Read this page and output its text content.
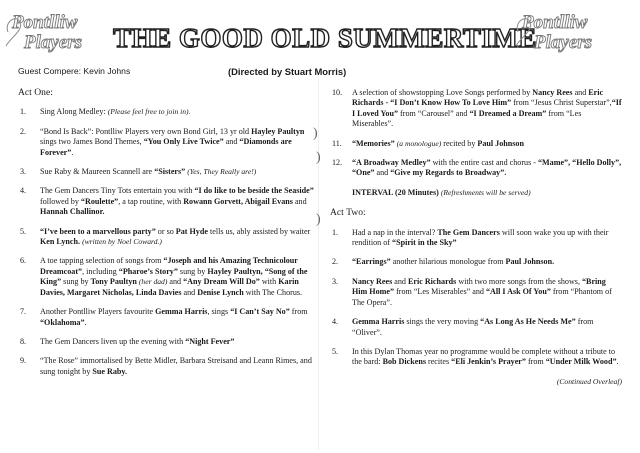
Pontlliw
Players THE GOOD OLD SUMMERTIME
Pontlliw
Players
Guest Compere: Kevin Johns	(Directed by Stuart Morris)
)
)
)
Act One:
1.	Sing Along Medley: (Please feel free to join in).
2.	“Bond Is Back”: Pontlliw Players very own Bond Girl, 13 yr old Hayley Paultyn sings two James Bond Themes, “You Only Live Twice” and “Diamonds are Forever”.
3.	Sue Raby & Maureen Scannell are “Sisters” (Yes, They Really are!)
4.	The Gem Dancers Tiny Tots entertain you with “I do like to be beside the Seaside” followed by “Roulette”, a tap routine, with Rowann Gorvett, Abigail Evans and Hannah Challinor.
5.	“I’ve been to a marvellous party” or so Pat Hyde tells us, ably assisted by waiter Ken Lynch. (written by Noel Coward.)
6.	A toe tapping selection of songs from “Joseph and his Amazing Technicolour Dreamcoat”, including “Pharoe’s Story” sung by Hayley Paultyn, “Song of the King” sung by Tony Paultyn (her dad) and “Any Dream Will Do” with Karin Davies, Margaret Nicholas, Linda Davies and Denise Lynch with The Chorus.
7.	Another Pontlliw Players favourite Gemma Harris, sings “I Can’t Say No” from “Oklahoma”.
8.	The Gem Dancers liven up the evening with “Night Fever”
9.	“The Rose” immortalised by Bette Midler, Barbara Streisand and Leann Rimes, and sung tonight by Sue Raby.
10.	A selection of showstopping Love Songs performed by Nancy Rees and Eric Richards - “I Don’t Know How To Love Him” from “Jesus Christ Superstar”,“If I Loved You” from “Carousel” and “I Dreamed a Dream” from “Les Miserables”.
11.	“Memories” (a monologue) recited by Paul Johnson
12.	“A Broadway Medley” with the entire cast and chorus - “Mame”, “Hello Dolly”, “One” and “Give my Regards to Broadway”.
INTERVAL (20 Minutes) (Refreshments will be served)
Act Two:
1.	Had a nap in the interval? The Gem Dancers will soon wake you up with their rendition of “Spirit in the Sky”
2.	“Earrings” another hilarious monologue from Paul Johnson.
3.	Nancy Rees and Eric Richards with two more songs from the shows, “Bring Him Home” from “Les Miserables” and “All I Ask Of You” from “Phantom of The Opera”.
4.	Gemma Harris sings the very moving “As Long As He Needs Me” from “Oliver”.
5.	In this Dylan Thomas year no programme would be complete without a tribute to the bard: Bob Dickens recites “Eli Jenkin’s Prayer” from “Under Milk Wood”.
(Continued Overleaf)
